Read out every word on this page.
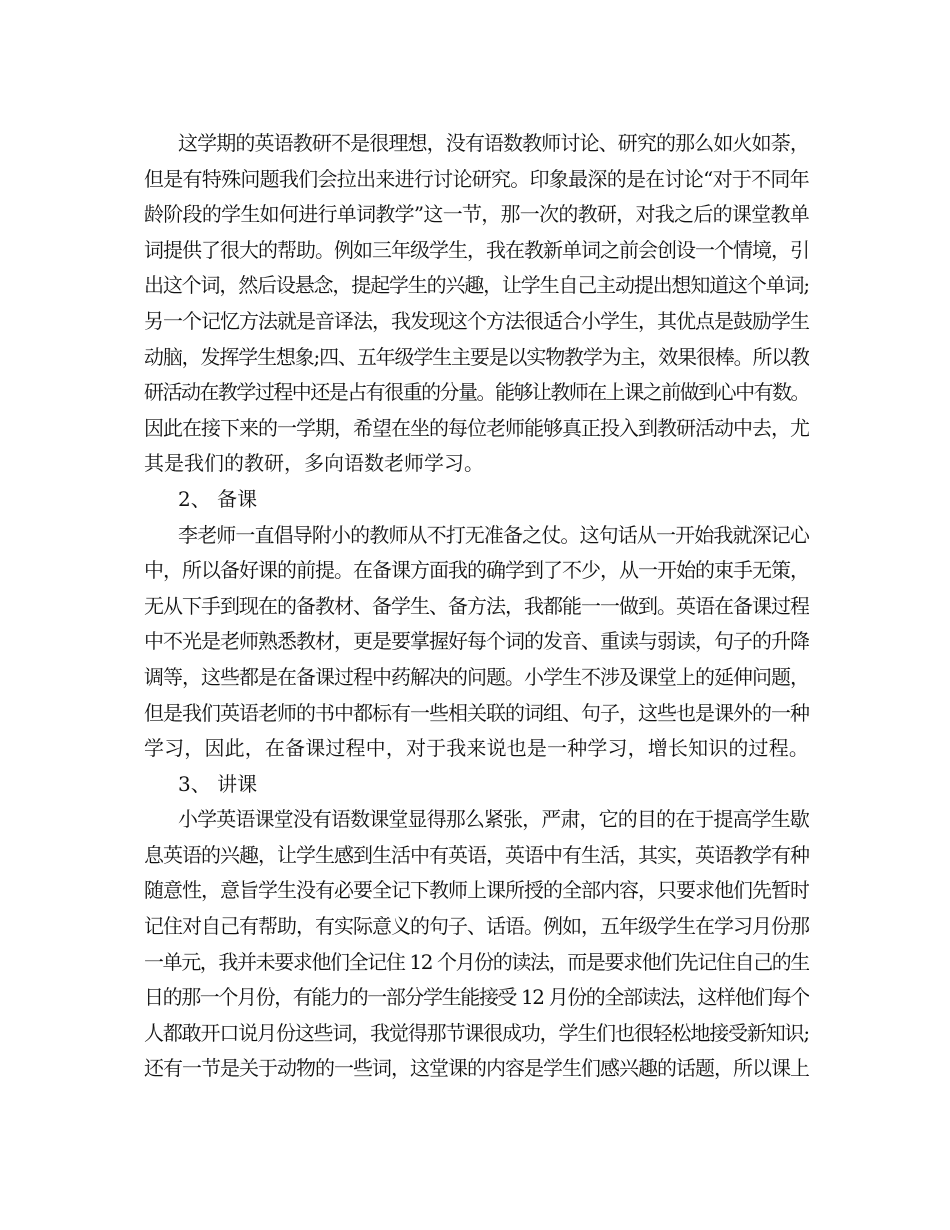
这学期的英语教研不是很理想，没有语数教师讨论、研究的那么如火如荼，
但是有特殊问题我们会拉出来进行讨论研究。印象最深的是在讨论“对于不同年
龄阶段的学生如何进行单词教学”这一节，那一次的教研，对我之后的课堂教单
词提供了很大的帮助。例如三年级学生，我在教新单词之前会创设一个情境，引
出这个词，然后设悬念，提起学生的兴趣，让学生自己主动提出想知道这个单词;
另一个记忆方法就是音译法，我发现这个方法很适合小学生，其优点是鼓励学生
动脑，发挥学生想象;四、五年级学生主要是以实物教学为主，效果很棒。所以教
研活动在教学过程中还是占有很重的分量。能够让教师在上课之前做到心中有数。
因此在接下来的一学期，希望在坐的每位老师能够真正投入到教研活动中去，尤
其是我们的教研，多向语数老师学习。
2、 备课
李老师一直倡导附小的教师从不打无准备之仗。这句话从一开始我就深记心
中，所以备好课的前提。在备课方面我的确学到了不少，从一开始的束手无策，
无从下手到现在的备教材、备学生、备方法，我都能一一做到。英语在备课过程
中不光是老师熟悉教材，更是要掌握好每个词的发音、重读与弱读，句子的升降
调等，这些都是在备课过程中药解决的问题。小学生不涉及课堂上的延伸问题，
但是我们英语老师的书中都标有一些相关联的词组、句子，这些也是课外的一种
学习，因此，在备课过程中，对于我来说也是一种学习，增长知识的过程。
3、 讲课
小学英语课堂没有语数课堂显得那么紧张，严肃，它的目的在于提高学生歇
息英语的兴趣，让学生感到生活中有英语，英语中有生活，其实，英语教学有种
随意性，意旨学生没有必要全记下教师上课所授的全部内容，只要求他们先暂时
记住对自己有帮助，有实际意义的句子、话语。例如，五年级学生在学习月份那
一单元，我并未要求他们全记住 12 个月份的读法，而是要求他们先记住自己的生
日的那一个月份，有能力的一部分学生能接受 12 月份的全部读法，这样他们每个
人都敢开口说月份这些词，我觉得那节课很成功，学生们也很轻松地接受新知识;
还有一节是关于动物的一些词，这堂课的内容是学生们感兴趣的话题，所以课上
